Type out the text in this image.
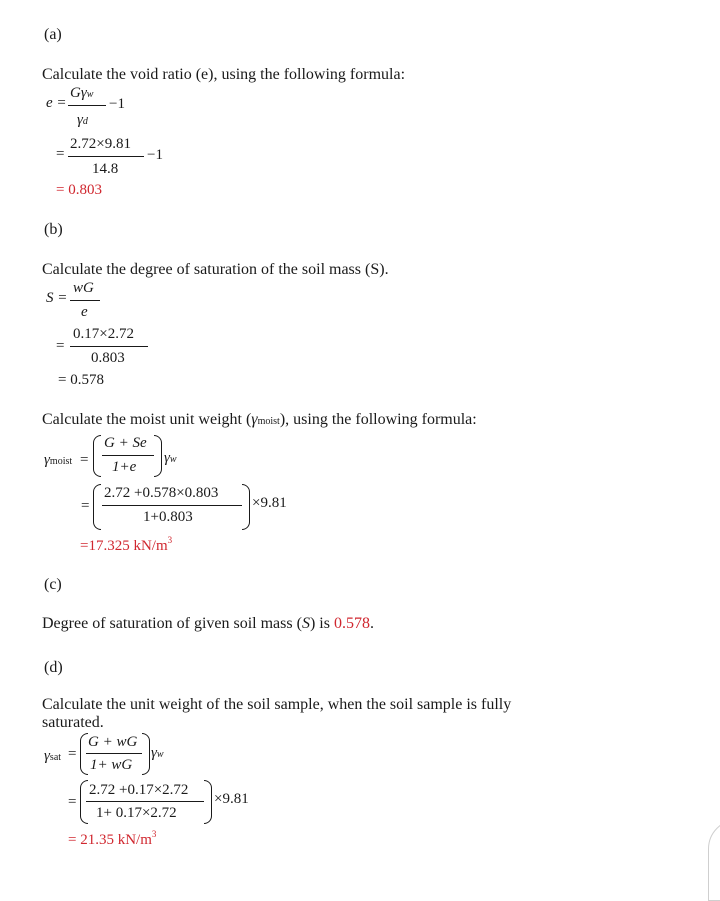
(a)
Calculate the void ratio (e), using the following formula:
e =
Gγw
−1
γd
=
2.72×9.81
−1
14.8
= 0.803
(b)
Calculate the degree of saturation of the soil mass (S).
S =
wG
e
=
0.17×2.72
0.803
= 0.578
Calculate the moist unit weight (γmoist), using the following formula:
γmoist =
G + Se
1+e
γw
=
2.72 +0.578×0.803
1+0.803
×9.81
=17.325 $kN/m^3$
(c)
Degree of saturation of given soil mass (S) is 0.578.
(d)
Calculate the unit weight of the soil sample, when the soil sample is fully saturated.
γsat =
G + wG
1+ wG
γw
=
2.72 +0.17×2.72
1+ 0.17×2.72
×9.81
= 21.35 $kN/m^3$
